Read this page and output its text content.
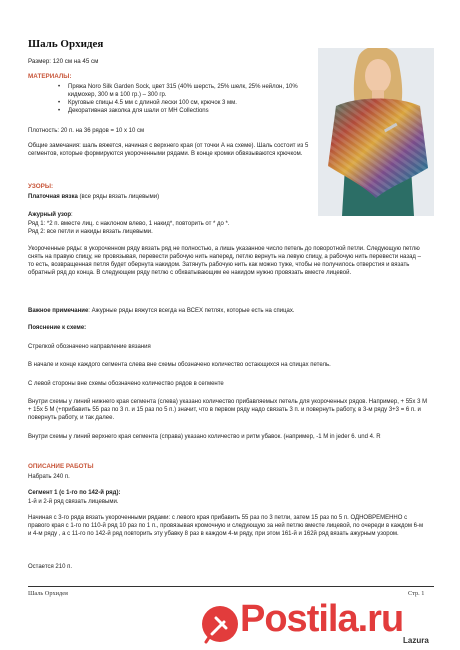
Шаль Орхидея
Размер: 120 см на 45 см
МАТЕРИАЛЫ:
• Пряжа Noro Silk Garden Sock, цвет 315 (40% шерсть, 25% шелк, 25% нейлон, 10% кидмохер, 300 м в 100 гр.) – 300 гр.
• Круговые спицы 4.5 мм с длиной лески 100 см, крючок 3 мм.
• Декоративная заколка для шали от MH Collections
Плотность: 20 п. на 36 рядов = 10 х 10 см
Общие замечания: шаль вяжется, начиная с верхнего края (от точки А на схеме). Шаль состоит из 5 сегментов, которые формируются укороченными рядами. В конце кромки обвязываются крючком.
УЗОРЫ:
Платочная вязка (все ряды вязать лицевыми)
Ажурный узор:
Ряд 1: *2 п. вместе лиц. с наклоном влево, 1 накид*, повторить от * до *.
Ряд 2: все петли и накиды вязать лицевыми.
Укороченные ряды: в укороченном ряду вязать ряд не полностью, а лишь указанное число петель до поворотной петли. Следующую петлю снять на правую спицу, не провязывая, перевести рабочую нить наперед, петлю вернуть на левую спицу, а рабочую нить перевести назад – то есть, возвращенная петля будет обернута накидом. Затянуть рабочую нить как можно туже, чтобы не получилось отверстия и вязать обратный ряд до конца. В следующем ряду петлю с обхватывающим ее накидом нужно провязать вместе лицевой.
Важное примечание: Ажурные ряды вяжутся всегда на ВСЕХ петлях, которые есть на спицах.
Пояснение к схеме:
Стрелкой обозначено направление вязания
В начале и конце каждого сегмента слева вне схемы обозначено количество остающихся на спицах петель.
С левой стороны вне схемы обозначено количество рядов в сегменте
Внутри схемы у линий нижнего края сегмента (слева) указано количество прибавляемых петель для укороченных рядов. Например, + 55х 3 М + 15х 5 М (+прибавить 55 раз по 3 п. и 15 раз по 5 п.) значит, что в первом ряду надо связать 3 п. и повернуть работу, в 3-м ряду 3+3 = 6 п. и повернуть работу, и так далее.
Внутри схемы у линий верхнего края сегмента (справа) указано количество и ритм убавок. (например, -1 M in jeder 6. und 4. R
ОПИСАНИЕ РАБОТЫ
Набрать 240 п.
Сегмент 1 (с 1-го по 142-й ряд):
1-й и 2-й ряд связать лицевыми.
Начиная с 3-го ряда вязать укороченными рядами: с левого края прибавить 55 раз по 3 петли, затем 15 раз по 5 п. ОДНОВРЕМЕННО с правого края с 1-го по 110-й ряд 10 раз по 1 п., провязывая кромочную и следующую за ней петлю вместе лицевой, по очереди в каждом 6-м и 4-м ряду , а с 11-го по 142-й ряд повторить эту убавку 8 раз в каждом 4-м ряду, при этом 161-й и 162й ряд вязать ажурным узором.
Остается 210 п.
Шаль Орхидея	Стр. 1
Postila.ru
Lazura
